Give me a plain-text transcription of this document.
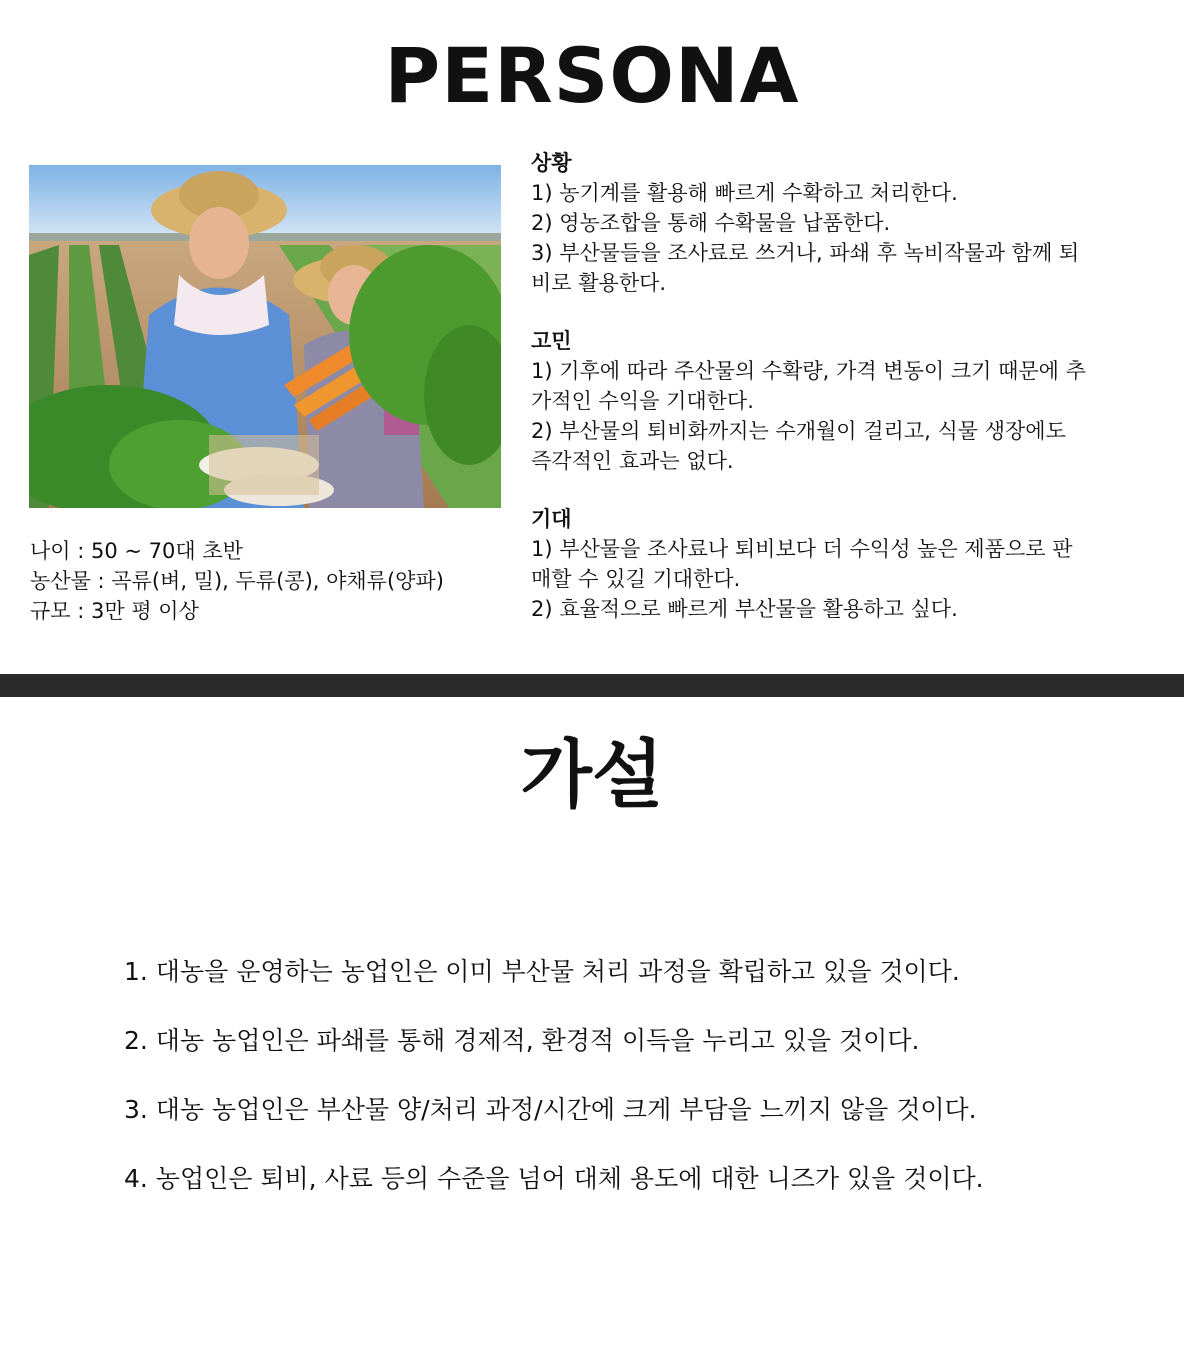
PERSONA
나이 : 50 ~ 70대 초반
농산물 : 곡류(벼, 밀), 두류(콩), 야채류(양파)
규모 : 3만 평 이상
상황
1) 농기계를 활용해 빠르게 수확하고 처리한다.
2) 영농조합을 통해 수확물을 납품한다.
3) 부산물들을 조사료로 쓰거나, 파쇄 후 녹비작물과 함께 퇴
비로 활용한다.
고민
1) 기후에 따라 주산물의 수확량, 가격 변동이 크기 때문에 추
가적인 수익을 기대한다.
2) 부산물의 퇴비화까지는 수개월이 걸리고, 식물 생장에도
즉각적인 효과는 없다.
기대
1) 부산물을 조사료나 퇴비보다 더 수익성 높은 제품으로 판
매할 수 있길 기대한다.
2) 효율적으로 빠르게 부산물을 활용하고 싶다.
가설
1. 대농을 운영하는 농업인은 이미 부산물 처리 과정을 확립하고 있을 것이다.
2. 대농 농업인은 파쇄를 통해 경제적, 환경적 이득을 누리고 있을 것이다.
3. 대농 농업인은 부산물 양/처리 과정/시간에 크게 부담을 느끼지 않을 것이다.
4. 농업인은 퇴비, 사료 등의 수준을 넘어 대체 용도에 대한 니즈가 있을 것이다.
